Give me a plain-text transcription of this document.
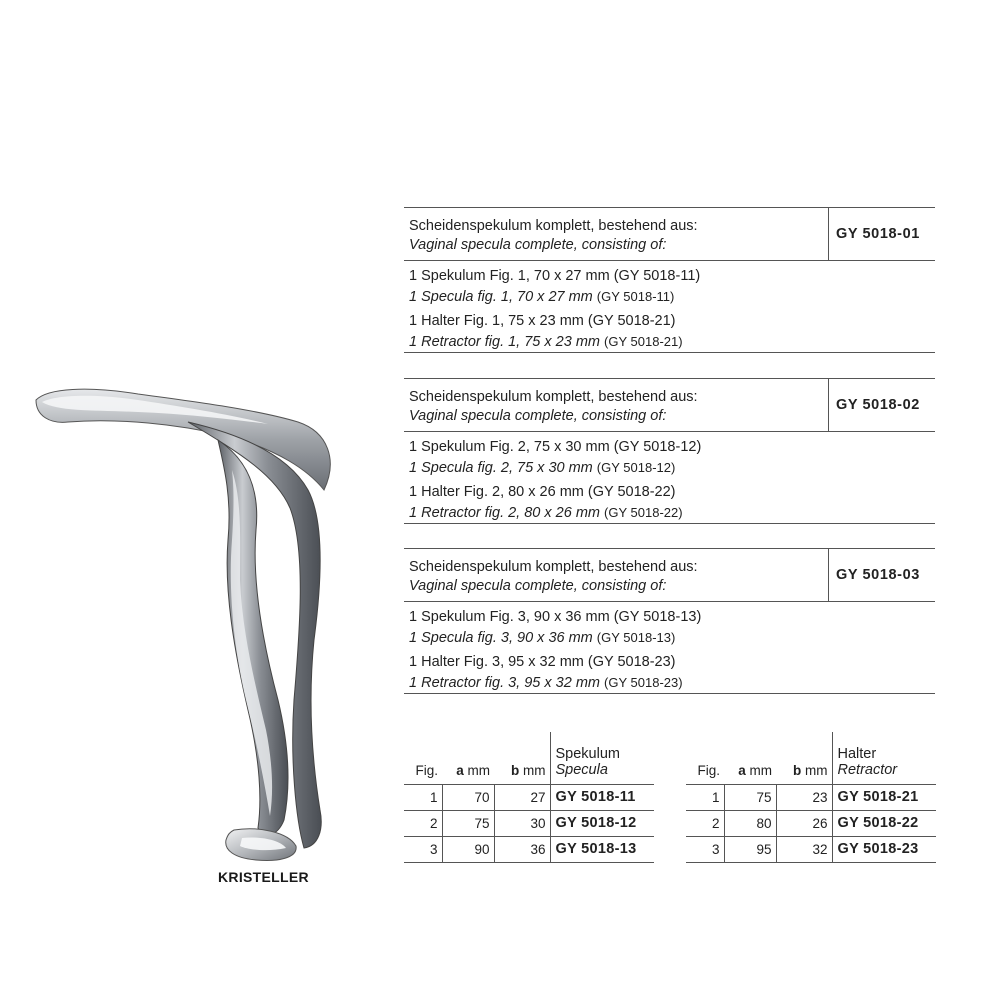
KRISTELLER
Scheidenspekulum komplett, bestehend aus:
Vaginal specula complete, consisting of:
GY 5018-01
1 Spekulum Fig. 1, 70 x 27 mm (GY 5018-11)
1 Specula fig. 1, 70 x 27 mm (GY 5018-11)
1 Halter Fig. 1, 75 x 23 mm (GY 5018-21)
1 Retractor fig. 1, 75 x 23 mm (GY 5018-21)
Scheidenspekulum komplett, bestehend aus:
Vaginal specula complete, consisting of:
GY 5018-02
1 Spekulum Fig. 2, 75 x 30 mm (GY 5018-12)
1 Specula fig. 2, 75 x 30 mm (GY 5018-12)
1 Halter Fig. 2, 80 x 26 mm (GY 5018-22)
1 Retractor fig. 2, 80 x 26 mm (GY 5018-22)
Scheidenspekulum komplett, bestehend aus:
Vaginal specula complete, consisting of:
GY 5018-03
1 Spekulum Fig. 3, 90 x 36 mm (GY 5018-13)
1 Specula fig. 3, 90 x 36 mm (GY 5018-13)
1 Halter Fig. 3, 95 x 32 mm (GY 5018-23)
1 Retractor fig. 3, 95 x 32 mm (GY 5018-23)
Fig.	a mm	b mm	Spekulum
Specula

1	70	27	GY 5018-11
2	75	30	GY 5018-12
3	90	36	GY 5018-13
Fig.	a mm	b mm	Halter
Retractor

1	75	23	GY 5018-21
2	80	26	GY 5018-22
3	95	32	GY 5018-23
